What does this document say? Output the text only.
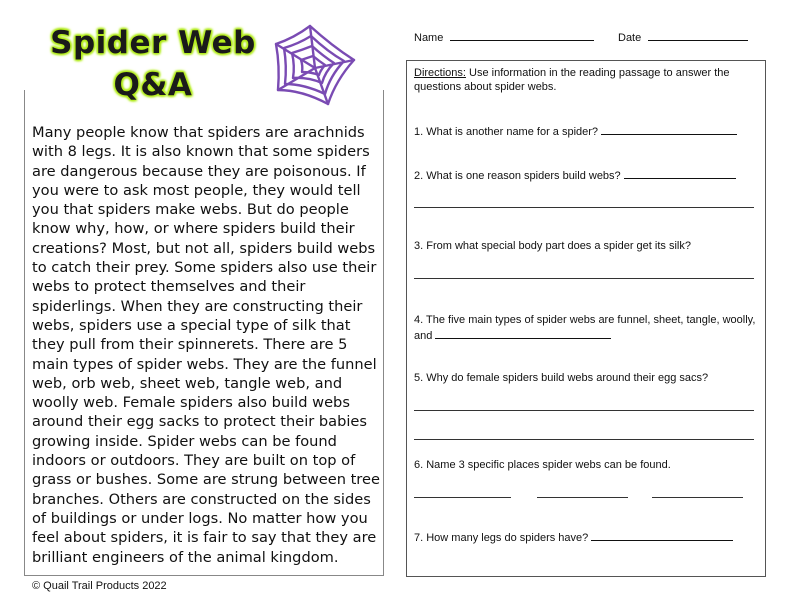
Spider Web
Q&A
Many people know that spiders are arachnids with 8 legs. It is also known that some spiders are dangerous because they are poisonous. If you were to ask most people, they would tell you that spiders make webs. But do people know why, how, or where spiders build their creations? Most, but not all, spiders build webs to catch their prey. Some spiders also use their webs to protect themselves and their spiderlings. When they are constructing their webs, spiders use a special type of silk that they pull from their spinnerets. There are 5 main types of spider webs. They are the funnel web, orb web, sheet web, tangle web, and woolly web. Female spiders also build webs around their egg sacks to protect their babies growing inside. Spider webs can be found indoors or outdoors. They are built on top of grass or bushes. Some are strung between tree branches. Others are constructed on the sides of buildings or under logs. No matter how you feel about spiders, it is fair to say that they are brilliant engineers of the animal kingdom.
© Quail Trail Products 2022
Name	Date
Directions: Use information in the reading passage to answer the questions about spider webs.
1. What is another name for a spider?
2. What is one reason spiders build webs?
3. From what special body part does a spider get its silk?
4. The five main types of spider webs are funnel, sheet, tangle, woolly, and
5. Why do female spiders build webs around their egg sacs?
6. Name 3 specific places spider webs can be found.
7. How many legs do spiders have?
